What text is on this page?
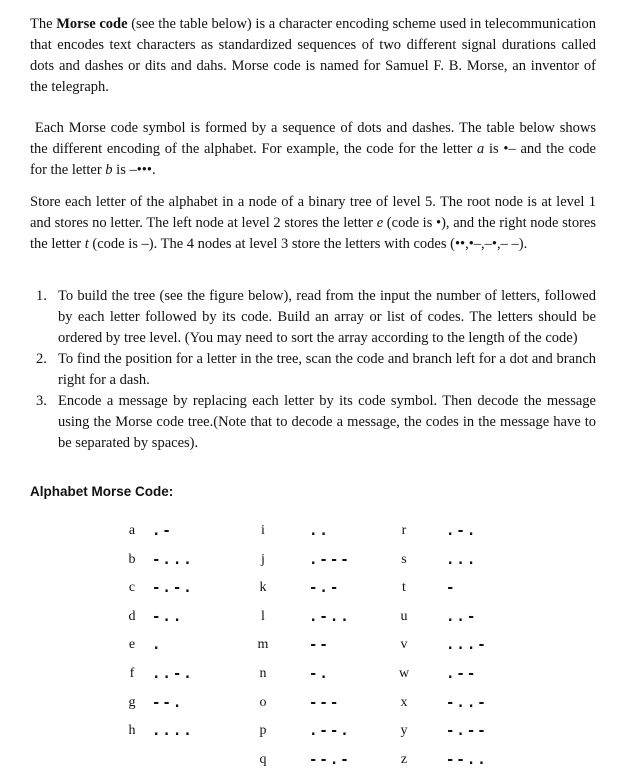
The Morse code (see the table below) is a character encoding scheme used in telecommunication that encodes text characters as standardized sequences of two different signal durations called dots and dashes or dits and dahs. Morse code is named for Samuel F. B. Morse, an inventor of the telegraph.

Each Morse code symbol is formed by a sequence of dots and dashes. The table below shows the different encoding of the alphabet. For example, the code for the letter a is •– and the code for the letter b is –•••.

Store each letter of the alphabet in a node of a binary tree of level 5. The root node is at level 1 and stores no letter. The left node at level 2 stores the letter e (code is •), and the right node stores the letter t (code is –). The 4 nodes at level 3 store the letters with codes (••,•–,–•,– –).

1. To build the tree (see the figure below), read from the input the number of letters, followed by each letter followed by its code. Build an array or list of codes. The letters should be ordered by tree level. (You may need to sort the array according to the length of the code)
2. To find the position for a letter in the tree, scan the code and branch left for a dot and branch right for a dash.
3. Encode a message by replacing each letter by its code symbol. Then decode the message using the Morse code tree.(Note that to decode a message, the codes in the message have to be separated by spaces).
Alphabet Morse Code:
a	.-
b	-...
c	-.-.
d	-..
e	.
f	..-.
g	--.
h	....
i	..
j	.---
k	-.-
l	.-..
m	--
n	-.
o	---
p	.--.
q	--.-
r	.-.
s	...
t	-
u	..-
v	...-
w	.--
x	-..-
y	-.--
z	--..
